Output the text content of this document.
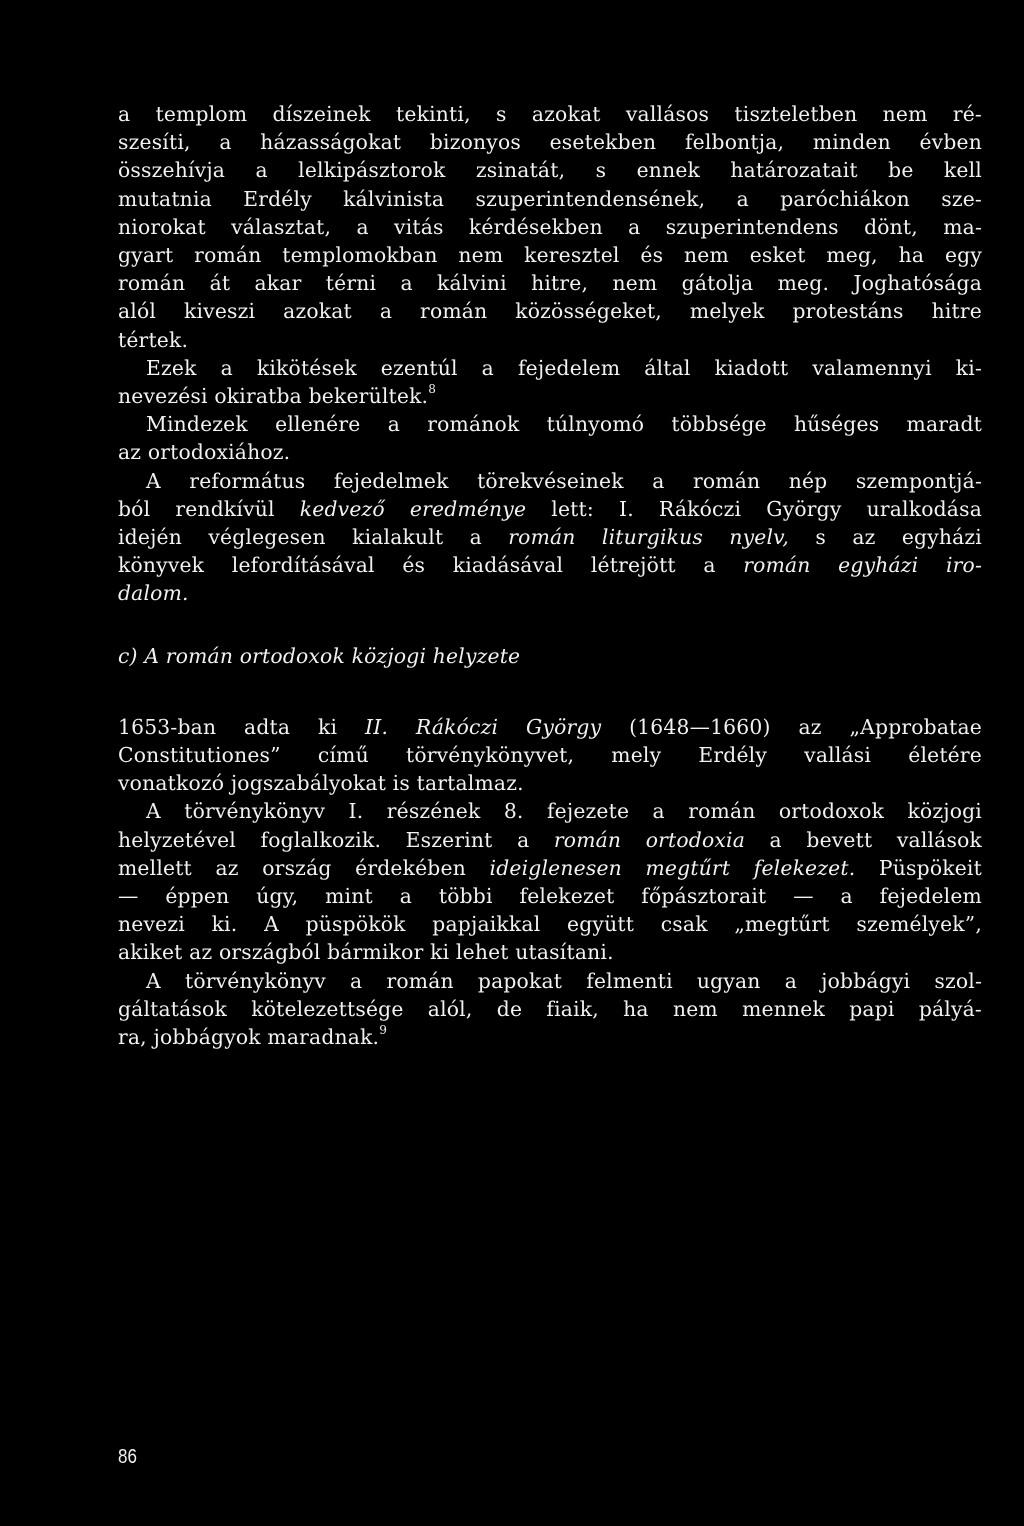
a templom díszeinek tekinti, s azokat vallásos tiszteletben nem ré-
szesíti, a házasságokat bizonyos esetekben felbontja, minden évben
összehívja a lelkipásztorok zsinatát, s ennek határozatait be kell
mutatnia Erdély kálvinista szuperintendensének, a paróchiákon sze-
niorokat választat, a vitás kérdésekben a szuperintendens dönt, ma-
gyart román templomokban nem keresztel és nem esket meg, ha egy
román át akar térni a kálvini hitre, nem gátolja meg. Joghatósága
alól kiveszi azokat a román közösségeket, melyek protestáns hitre
tértek.

Ezek a kikötések ezentúl a fejedelem által kiadott valamennyi ki-
nevezési okiratba bekerültek.$^8$

Mindezek ellenére a románok túlnyomó többsége hűséges maradt
az ortodoxiához.

A református fejedelmek törekvéseinek a román nép szempontjá-
ból rendkívül kedvező eredménye lett: I. Rákóczi György uralkodása
idején véglegesen kialakult a román liturgikus nyelv, s az egyházi
könyvek lefordításával és kiadásával létrejött a román egyházi iro-
dalom.

c) A román ortodoxok közjogi helyzete

1653-ban adta ki II. Rákóczi György (1648—1660) az „Approbatae
Constitutiones” című törvénykönyvet, mely Erdély vallási életére
vonatkozó jogszabályokat is tartalmaz.

A törvénykönyv I. részének 8. fejezete a román ortodoxok közjogi
helyzetével foglalkozik. Eszerint a román ortodoxia a bevett vallások
mellett az ország érdekében ideiglenesen megtűrt felekezet. Püspökeit
— éppen úgy, mint a többi felekezet főpásztorait — a fejedelem
nevezi ki. A püspökök papjaikkal együtt csak „megtűrt személyek”,
akiket az országból bármikor ki lehet utasítani.

A törvénykönyv a román papokat felmenti ugyan a jobbágyi szol-
gáltatások kötelezettsége alól, de fiaik, ha nem mennek papi pályá-
ra, jobbágyok maradnak.$^9$

86
